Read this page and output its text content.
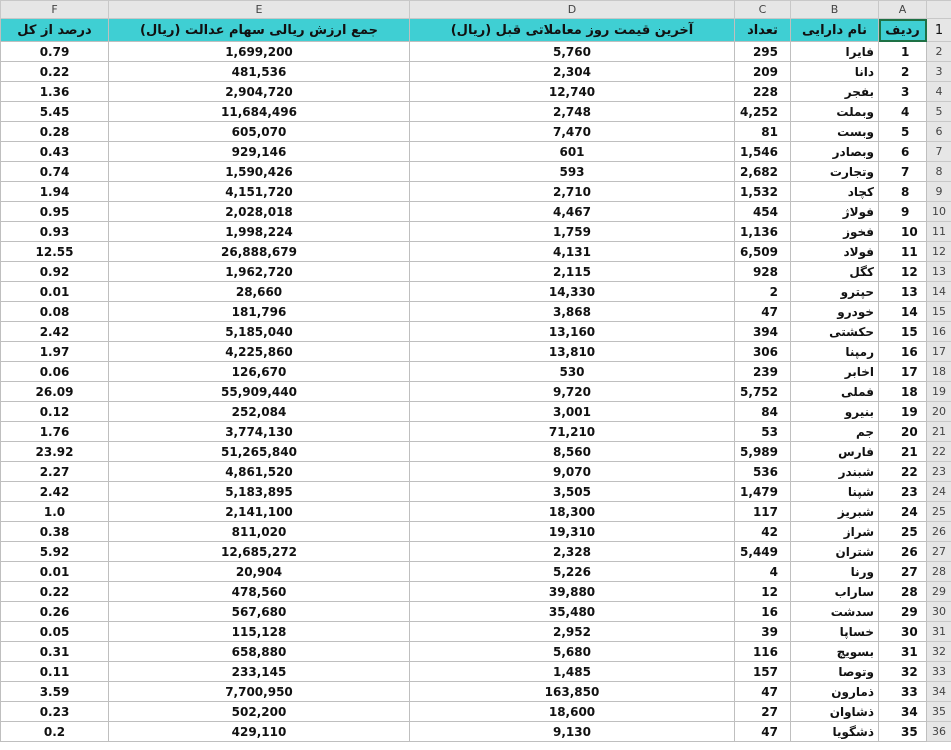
F	E	D	C	B	A	
درصد از کل	جمع ارزش ریالی سهام عدالت (ریال)	آخرین قیمت روز معاملاتی قبل (ریال)	تعداد	نام دارایی	ردیف	1
0.79	1,699,200	5,760	295	فایرا	1	2
0.22	481,536	2,304	209	دانا	2	3
1.36	2,904,720	12,740	228	بفجر	3	4
5.45	11,684,496	2,748	4,252	وبملت	4	5
0.28	605,070	7,470	81	وبست	5	6
0.43	929,146	601	1,546	وبصادر	6	7
0.74	1,590,426	593	2,682	وتجارت	7	8
1.94	4,151,720	2,710	1,532	کچاد	8	9
0.95	2,028,018	4,467	454	فولاژ	9	10
0.93	1,998,224	1,759	1,136	فخوز	10	11
12.55	26,888,679	4,131	6,509	فولاد	11	12
0.92	1,962,720	2,115	928	کگل	12	13
0.01	28,660	14,330	2	حپترو	13	14
0.08	181,796	3,868	47	خودرو	14	15
2.42	5,185,040	13,160	394	حکشتی	15	16
1.97	4,225,860	13,810	306	رمپنا	16	17
0.06	126,670	530	239	اخابر	17	18
26.09	55,909,440	9,720	5,752	فملی	18	19
0.12	252,084	3,001	84	بنیرو	19	20
1.76	3,774,130	71,210	53	جم	20	21
23.92	51,265,840	8,560	5,989	فارس	21	22
2.27	4,861,520	9,070	536	شبندر	22	23
2.42	5,183,895	3,505	1,479	شپنا	23	24
1.0	2,141,100	18,300	117	شبریز	24	25
0.38	811,020	19,310	42	شراز	25	26
5.92	12,685,272	2,328	5,449	شتران	26	27
0.01	20,904	5,226	4	ورنا	27	28
0.22	478,560	39,880	12	ساراب	28	29
0.26	567,680	35,480	16	سدشت	29	30
0.05	115,128	2,952	39	خساپا	30	31
0.31	658,880	5,680	116	بسویچ	31	32
0.11	233,145	1,485	157	وتوصا	32	33
3.59	7,700,950	163,850	47	ذمارون	33	34
0.23	502,200	18,600	27	ذشاوان	34	35
0.2	429,110	9,130	47	ذشگویا	35	36
